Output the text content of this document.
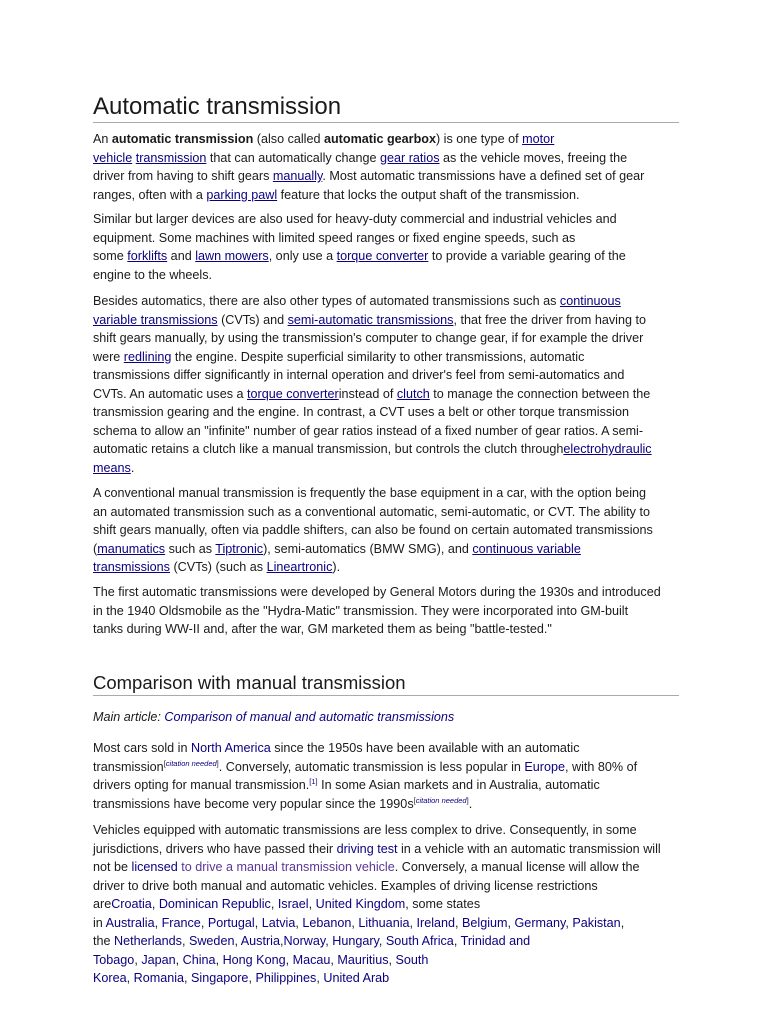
Automatic transmission
An automatic transmission (also called automatic gearbox) is one type of motor
vehicle transmission that can automatically change gear ratios as the vehicle moves, freeing the
driver from having to shift gears manually. Most automatic transmissions have a defined set of gear
ranges, often with a parking pawl feature that locks the output shaft of the transmission.
Similar but larger devices are also used for heavy-duty commercial and industrial vehicles and
equipment. Some machines with limited speed ranges or fixed engine speeds, such as
some forklifts and lawn mowers, only use a torque converter to provide a variable gearing of the
engine to the wheels.
Besides automatics, there are also other types of automated transmissions such as continuous
variable transmissions (CVTs) and semi-automatic transmissions, that free the driver from having to
shift gears manually, by using the transmission's computer to change gear, if for example the driver
were redlining the engine. Despite superficial similarity to other transmissions, automatic
transmissions differ significantly in internal operation and driver's feel from semi-automatics and
CVTs. An automatic uses a torque converterinstead of clutch to manage the connection between the
transmission gearing and the engine. In contrast, a CVT uses a belt or other torque transmission
schema to allow an "infinite" number of gear ratios instead of a fixed number of gear ratios. A semi-
automatic retains a clutch like a manual transmission, but controls the clutch throughelectrohydraulic
means.
A conventional manual transmission is frequently the base equipment in a car, with the option being
an automated transmission such as a conventional automatic, semi-automatic, or CVT. The ability to
shift gears manually, often via paddle shifters, can also be found on certain automated transmissions
(manumatics such as Tiptronic), semi-automatics (BMW SMG), and continuous variable
transmissions (CVTs) (such as Lineartronic).
The first automatic transmissions were developed by General Motors during the 1930s and introduced
in the 1940 Oldsmobile as the "Hydra-Matic" transmission. They were incorporated into GM-built
tanks during WW-II and, after the war, GM marketed them as being "battle-tested."
Comparison with manual transmission
Main article: Comparison of manual and automatic transmissions
Most cars sold in North America since the 1950s have been available with an automatic
transmission[citation needed]. Conversely, automatic transmission is less popular in Europe, with 80% of
drivers opting for manual transmission.[1] In some Asian markets and in Australia, automatic
transmissions have become very popular since the 1990s[citation needed].
Vehicles equipped with automatic transmissions are less complex to drive. Consequently, in some
jurisdictions, drivers who have passed their driving test in a vehicle with an automatic transmission will
not be licensed to drive a manual transmission vehicle. Conversely, a manual license will allow the
driver to drive both manual and automatic vehicles. Examples of driving license restrictions
areCroatia, Dominican Republic, Israel, United Kingdom, some states
in Australia, France, Portugal, Latvia, Lebanon, Lithuania, Ireland, Belgium, Germany, Pakistan,
the Netherlands, Sweden, Austria,Norway, Hungary, South Africa, Trinidad and
Tobago, Japan, China, Hong Kong, Macau, Mauritius, South
Korea, Romania, Singapore, Philippines, United Arab
